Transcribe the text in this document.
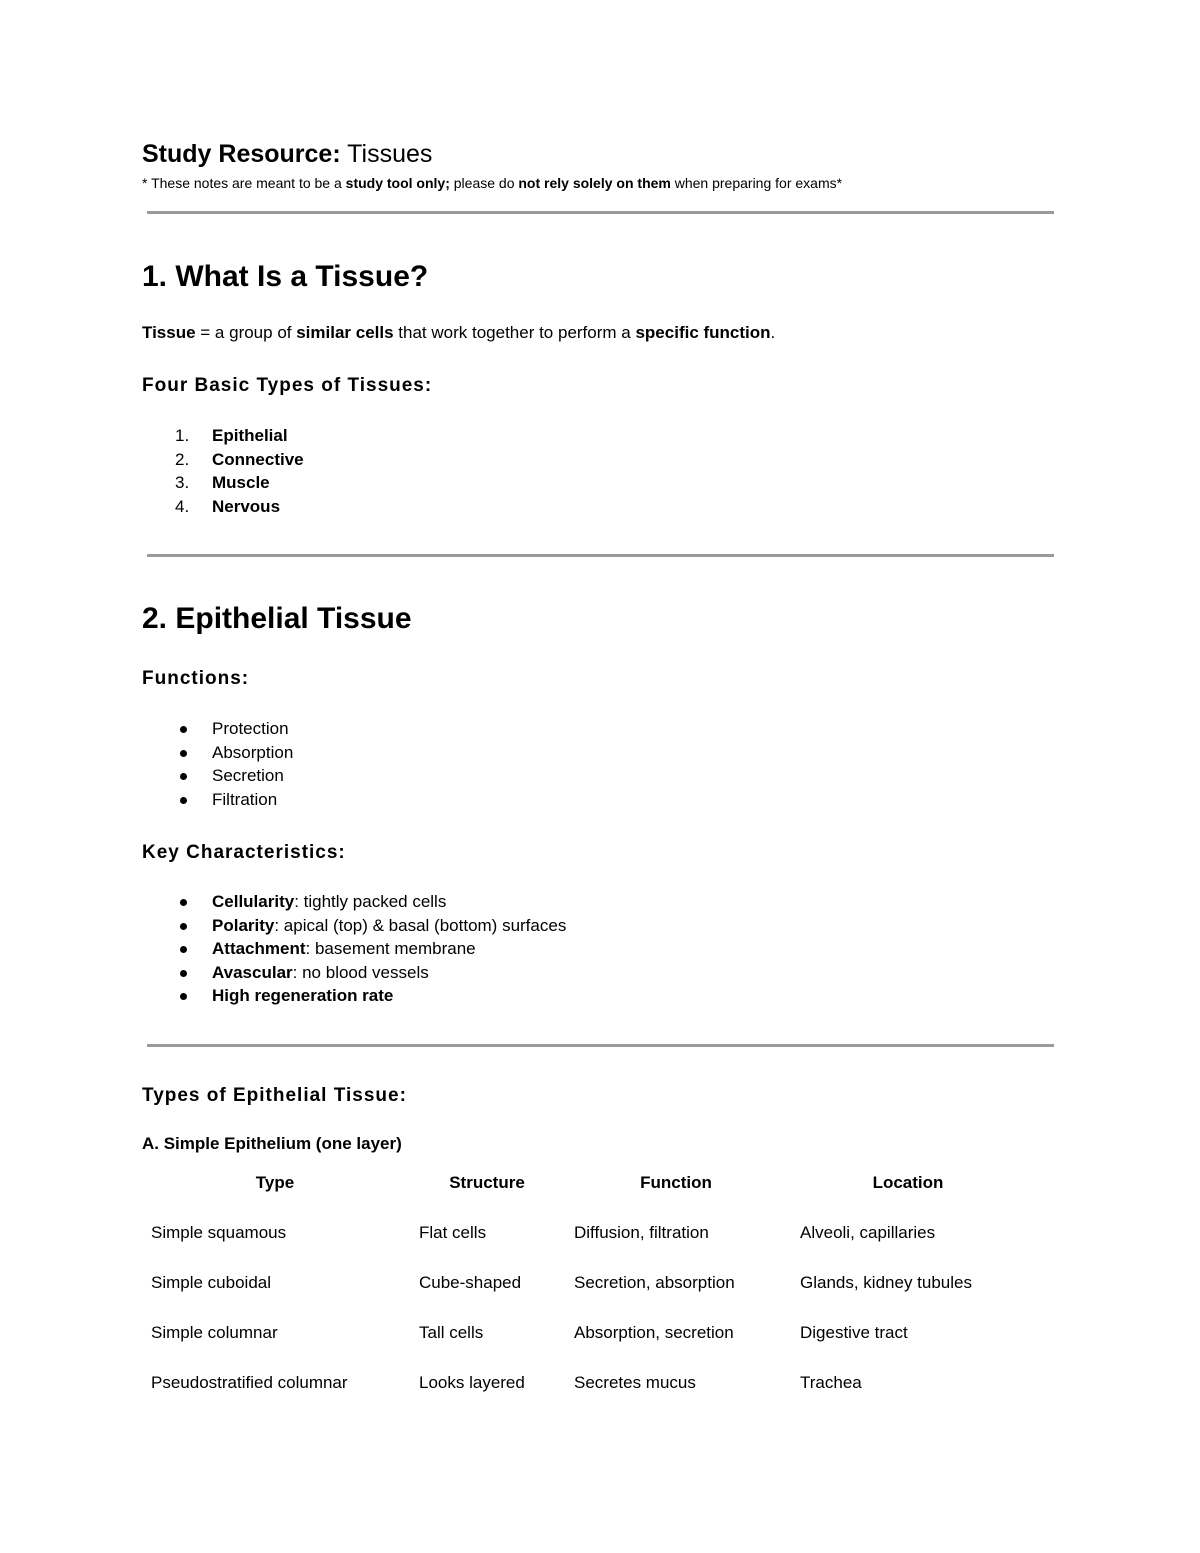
Study Resource: Tissues
* These notes are meant to be a study tool only; please do not rely solely on them when preparing for exams*
1. What Is a Tissue?
Tissue = a group of similar cells that work together to perform a specific function.
Four Basic Types of Tissues:
1.	Epithelial
2.	Connective
3.	Muscle
4.	Nervous
2. Epithelial Tissue
Functions:
Protection
Absorption
Secretion
Filtration
Key Characteristics:
Cellularity: tightly packed cells
Polarity: apical (top) & basal (bottom) surfaces
Attachment: basement membrane
Avascular: no blood vessels
High regeneration rate
Types of Epithelial Tissue:
A. Simple Epithelium (one layer)
Type	Structure	Function	Location
Simple squamous	Flat cells	Diffusion, filtration	Alveoli, capillaries
Simple cuboidal	Cube-shaped	Secretion, absorption	Glands, kidney tubules
Simple columnar	Tall cells	Absorption, secretion	Digestive tract
Pseudostratified columnar	Looks layered	Secretes mucus	Trachea
